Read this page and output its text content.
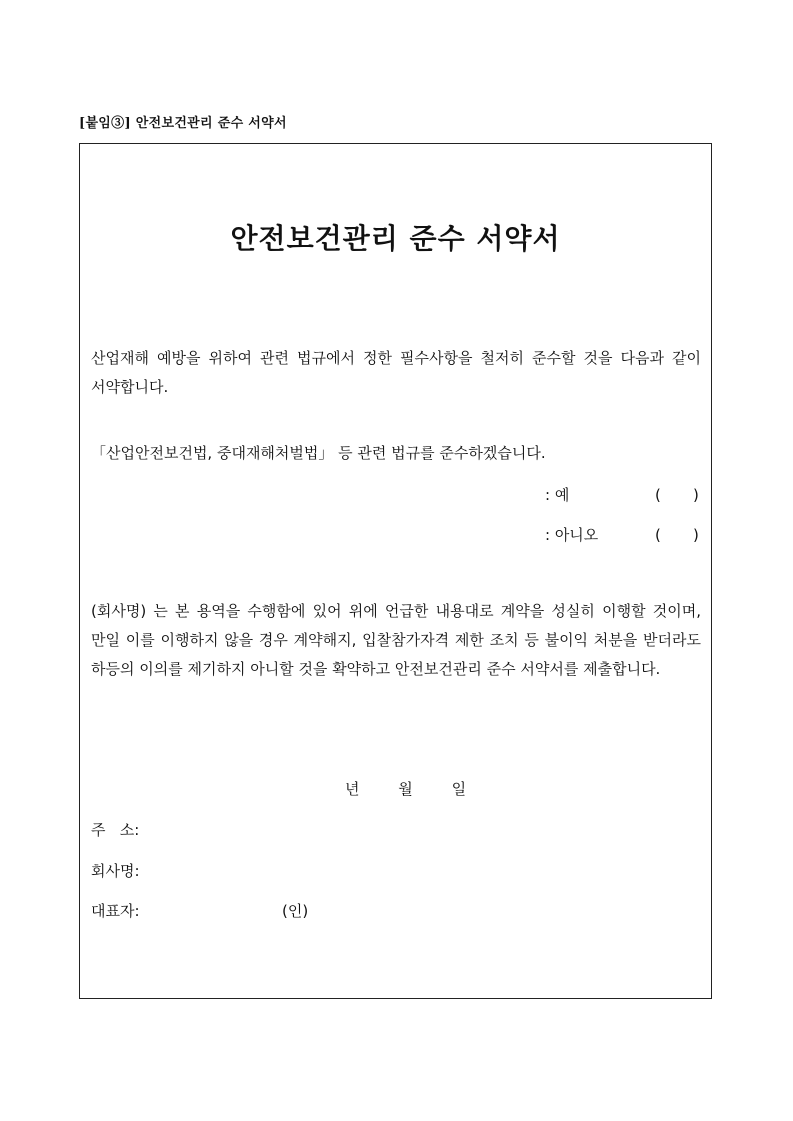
[붙임③] 안전보건관리 준수 서약서
안전보건관리 준수 서약서
산업재해 예방을 위하여 관련 법규에서 정한 필수사항을 철저히 준수할 것을 다음과 같이 서약합니다.
「산업안전보건법, 중대재해처벌법」 등 관련 법규를 준수하겠습니다.
: 예	( )
: 아니오	( )
(회사명) 는 본 용역을 수행함에 있어 위에 언급한 내용대로 계약을 성실히 이행할 것이며, 만일 이를 이행하지 않을 경우 계약해지, 입찰참가자격 제한 조치 등 불이익 처분을 받더라도 하등의 이의를 제기하지 아니할 것을 확약하고 안전보건관리 준수 서약서를 제출합니다.
년	월	일
주   소:
회사명:
대표자:	(인)
